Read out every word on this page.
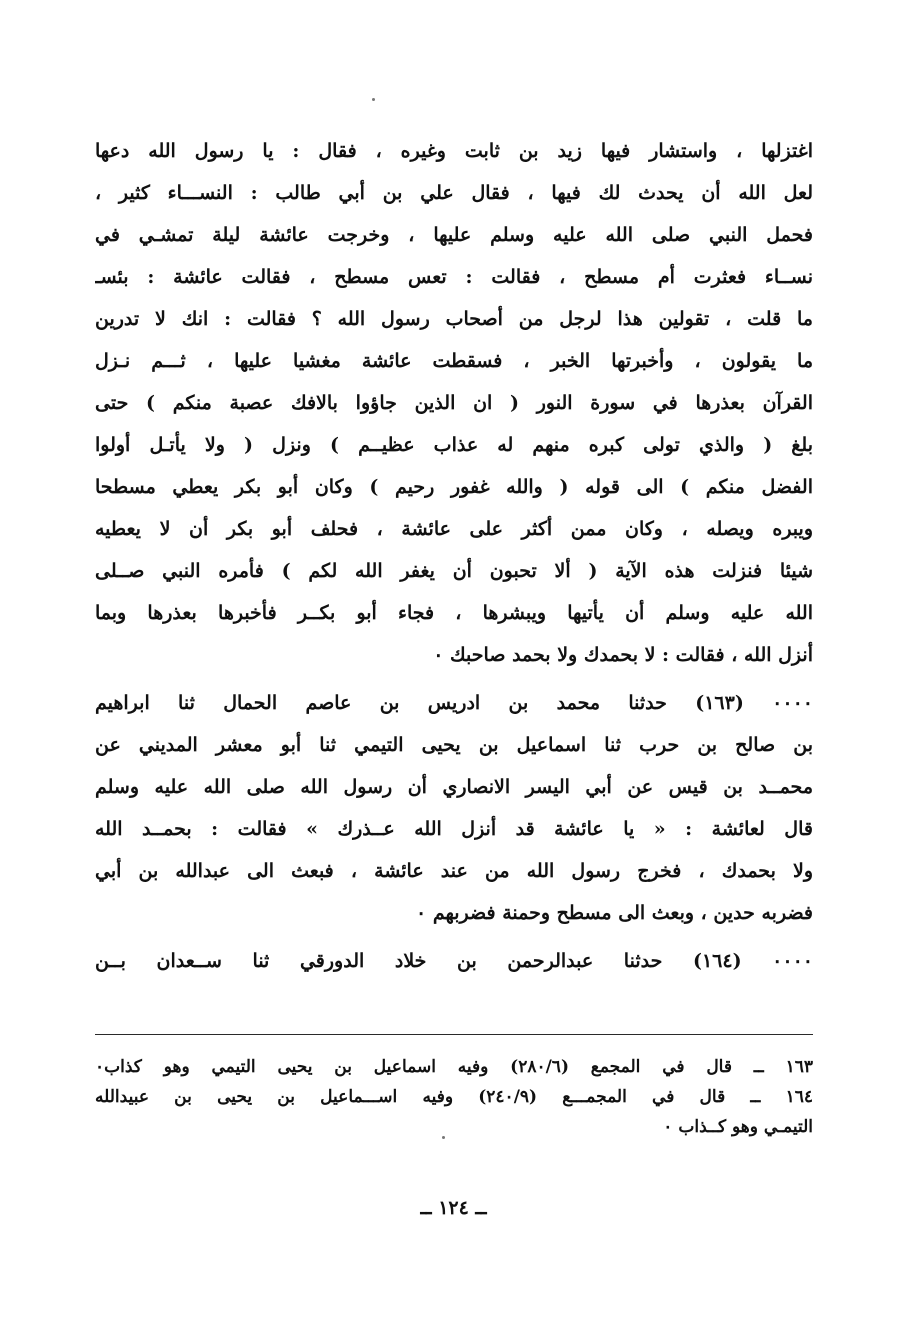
اغتزلها ، واستشار فيها زيد بن ثابت وغيره ، فقال : يا رسول الله دعها
لعل الله أن يحدث لك فيها ، فقال علي بن أبي طالب : النســـاء كثير ،
فحمل النبي صلى الله عليه وسلم عليها ، وخرجت عائشة ليلة تمشـي في
نســاء فعثرت أم مسطح ، فقالت : تعس مسطح ، فقالت عائشة : بئسـ
ما قلت ، تقولين هذا لرجل من أصحاب رسول الله ؟ فقالت : انك لا تدرين
ما يقولون ، وأخبرتها الخبر ، فسقطت عائشة مغشيا عليها ، ثـــم نـزل
القرآن بعذرها في سورة النور ( ان الذين جاؤوا بالافك عصبة منكم ) حتى
بلغ ( والذي تولى كبره منهم له عذاب عظيــم ) ونزل ( ولا يأتـل أولوا
الفضل منكم ) الى قوله ( والله غفور رحيم ) وكان أبو بكر يعطي مسطحا
ويبره ويصله ، وكان ممن أكثر على عائشة ، فحلف أبو بكر أن لا يعطيه
شيئا فنزلت هذه الآية ( ألا تحبون أن يغفر الله لكم ) فأمره النبي صــلى
الله عليه وسلم أن يأتيها ويبشرها ، فجاء أبو بكــر فأخبرها بعذرها وبما
أنزل الله ، فقالت : لا بحمدك ولا بحمد صاحبك ٠
٠٠٠٠ (١٦٣) حدثنا محمد بن ادريس بن عاصم الحمال ثنا ابراهيم
بن صالح بن حرب ثنا اسماعيل بن يحيى التيمي ثنا أبو معشر المديني عن
محمــد بن قيس عن أبي اليسر الانصاري أن رسول الله صلى الله عليه وسلم
قال لعائشة : « يا عائشة قد أنزل الله عــذرك » فقالت : بحمــد الله
ولا بحمدك ، فخرج رسول الله من عند عائشة ، فبعث الى عبدالله بن أبي
فضربه حدين ، وبعث الى مسطح وحمنة فضربهم ٠
٠٠٠٠ (١٦٤) حدثنا عبدالرحمن بن خلاد الدورقي ثنا ســعدان بــن
١٦٣ ــ قال في المجمع (٢٨٠/٦) وفيه اسماعيل بن يحيى التيمي وهو كذاب٠
١٦٤ ــ قال في المجمـــع (٢٤٠/٩) وفيه اســـماعيل بن يحيى بن عبيدالله
التيمـي وهو كــذاب ٠
ــ ١٢٤ ــ
